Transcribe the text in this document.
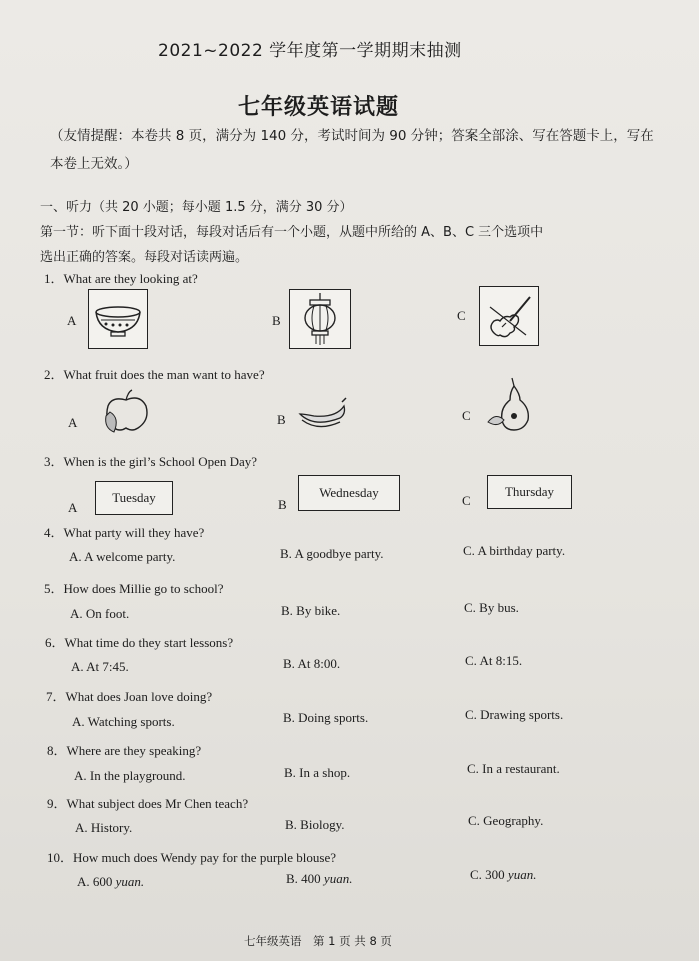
2021~2022 学年度第一学期期末抽测
七年级英语试题
（友情提醒：本卷共 8 页，满分为 140 分，考试时间为 90 分钟；答案全部涂、写在答题卡上，写在本卷上无效。）
一、听力（共 20 小题；每小题 1.5 分，满分 30 分）
第一节：听下面十段对话，每段对话后有一个小题，从题中所给的 A、B、C 三个选项中
选出正确的答案。每段对话读两遍。
1．What are they looking at?
A	B	C
2．What fruit does the man want to have?
A	B	C
3．When is the girl’s School Open Day?
A
Tuesday	B
Wednesday
C
Thursday
4．What party will they have?
A. A welcome party.	B. A goodbye party.	C. A birthday party.
5．How does Millie go to school?
A. On foot.	B. By bike.	C. By bus.
6．What time do they start lessons?
A. At 7:45.	B. At 8:00.	C. At 8:15.
7．What does Joan love doing?
A. Watching sports.	B. Doing sports.	C. Drawing sports.
8．Where are they speaking?
A. In the playground.	B. In a shop.	C. In a restaurant.
9．What subject does Mr Chen teach?
A. History.	B. Biology.	C. Geography.
10．How much does Wendy pay for the purple blouse?
A. 600 yuan.	B. 400 yuan.	C. 300 yuan.
七年级英语　第 1 页 共 8 页
